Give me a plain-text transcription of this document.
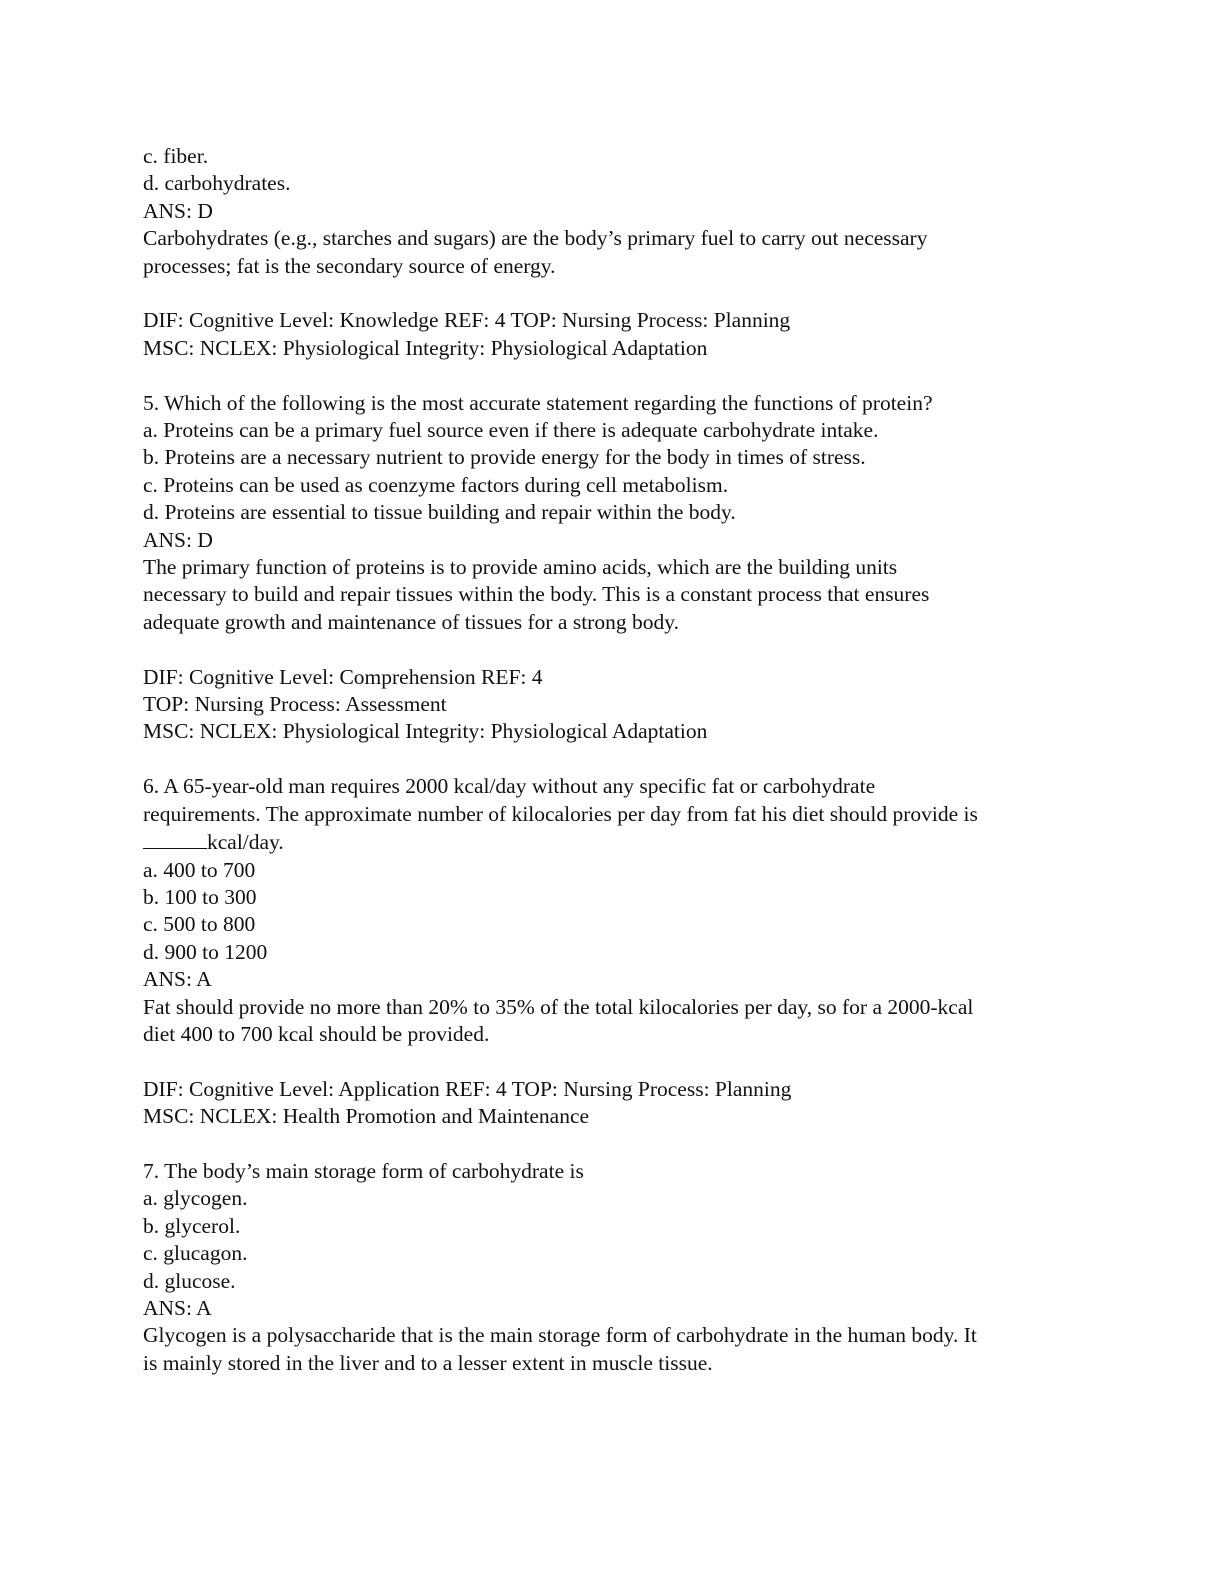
c. fiber.
d. carbohydrates.
ANS: D
Carbohydrates (e.g., starches and sugars) are the body’s primary fuel to carry out necessary
processes; fat is the secondary source of energy.
DIF: Cognitive Level: Knowledge REF: 4 TOP: Nursing Process: Planning
MSC: NCLEX: Physiological Integrity: Physiological Adaptation
5. Which of the following is the most accurate statement regarding the functions of protein?
a. Proteins can be a primary fuel source even if there is adequate carbohydrate intake.
b. Proteins are a necessary nutrient to provide energy for the body in times of stress.
c. Proteins can be used as coenzyme factors during cell metabolism.
d. Proteins are essential to tissue building and repair within the body.
ANS: D
The primary function of proteins is to provide amino acids, which are the building units
necessary to build and repair tissues within the body. This is a constant process that ensures
adequate growth and maintenance of tissues for a strong body.
DIF: Cognitive Level: Comprehension REF: 4
TOP: Nursing Process: Assessment
MSC: NCLEX: Physiological Integrity: Physiological Adaptation
6. A 65-year-old man requires 2000 kcal/day without any specific fat or carbohydrate
requirements. The approximate number of kilocalories per day from fat his diet should provide is
kcal/day.
a. 400 to 700
b. 100 to 300
c. 500 to 800
d. 900 to 1200
ANS: A
Fat should provide no more than 20% to 35% of the total kilocalories per day, so for a 2000-kcal
diet 400 to 700 kcal should be provided.
DIF: Cognitive Level: Application REF: 4 TOP: Nursing Process: Planning
MSC: NCLEX: Health Promotion and Maintenance
7. The body’s main storage form of carbohydrate is
a. glycogen.
b. glycerol.
c. glucagon.
d. glucose.
ANS: A
Glycogen is a polysaccharide that is the main storage form of carbohydrate in the human body. It
is mainly stored in the liver and to a lesser extent in muscle tissue.
